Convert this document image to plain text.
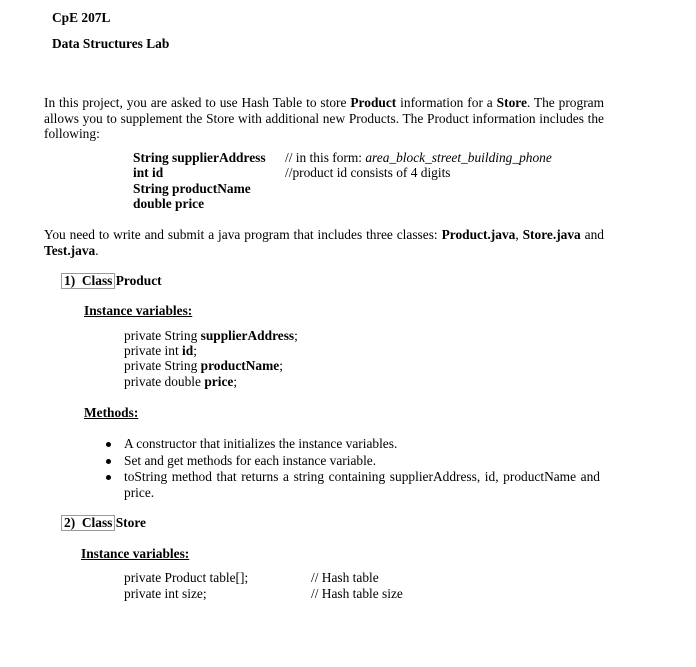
CpE 207L
Data Structures Lab
In this project, you are asked to use Hash Table to store Product information for a Store. The program allows you to supplement the Store with additional new Products. The Product information includes the following:
String supplierAddress // in this form: area_block_street_building_phone
int id	//product id consists of 4 digits
String productName
double price
You need to write and submit a java program that includes three classes: Product.java, Store.java and Test.java.
1) Class Product
Instance variables:
private String supplierAddress;
private int id;
private String productName;
private double price;
Methods:
A constructor that initializes the instance variables.
Set and get methods for each instance variable.
toString method that returns a string containing supplierAddress, id, productName and price.
2) Class Store
Instance variables:
private Product table[];	// Hash table
private int size;	// Hash table size
